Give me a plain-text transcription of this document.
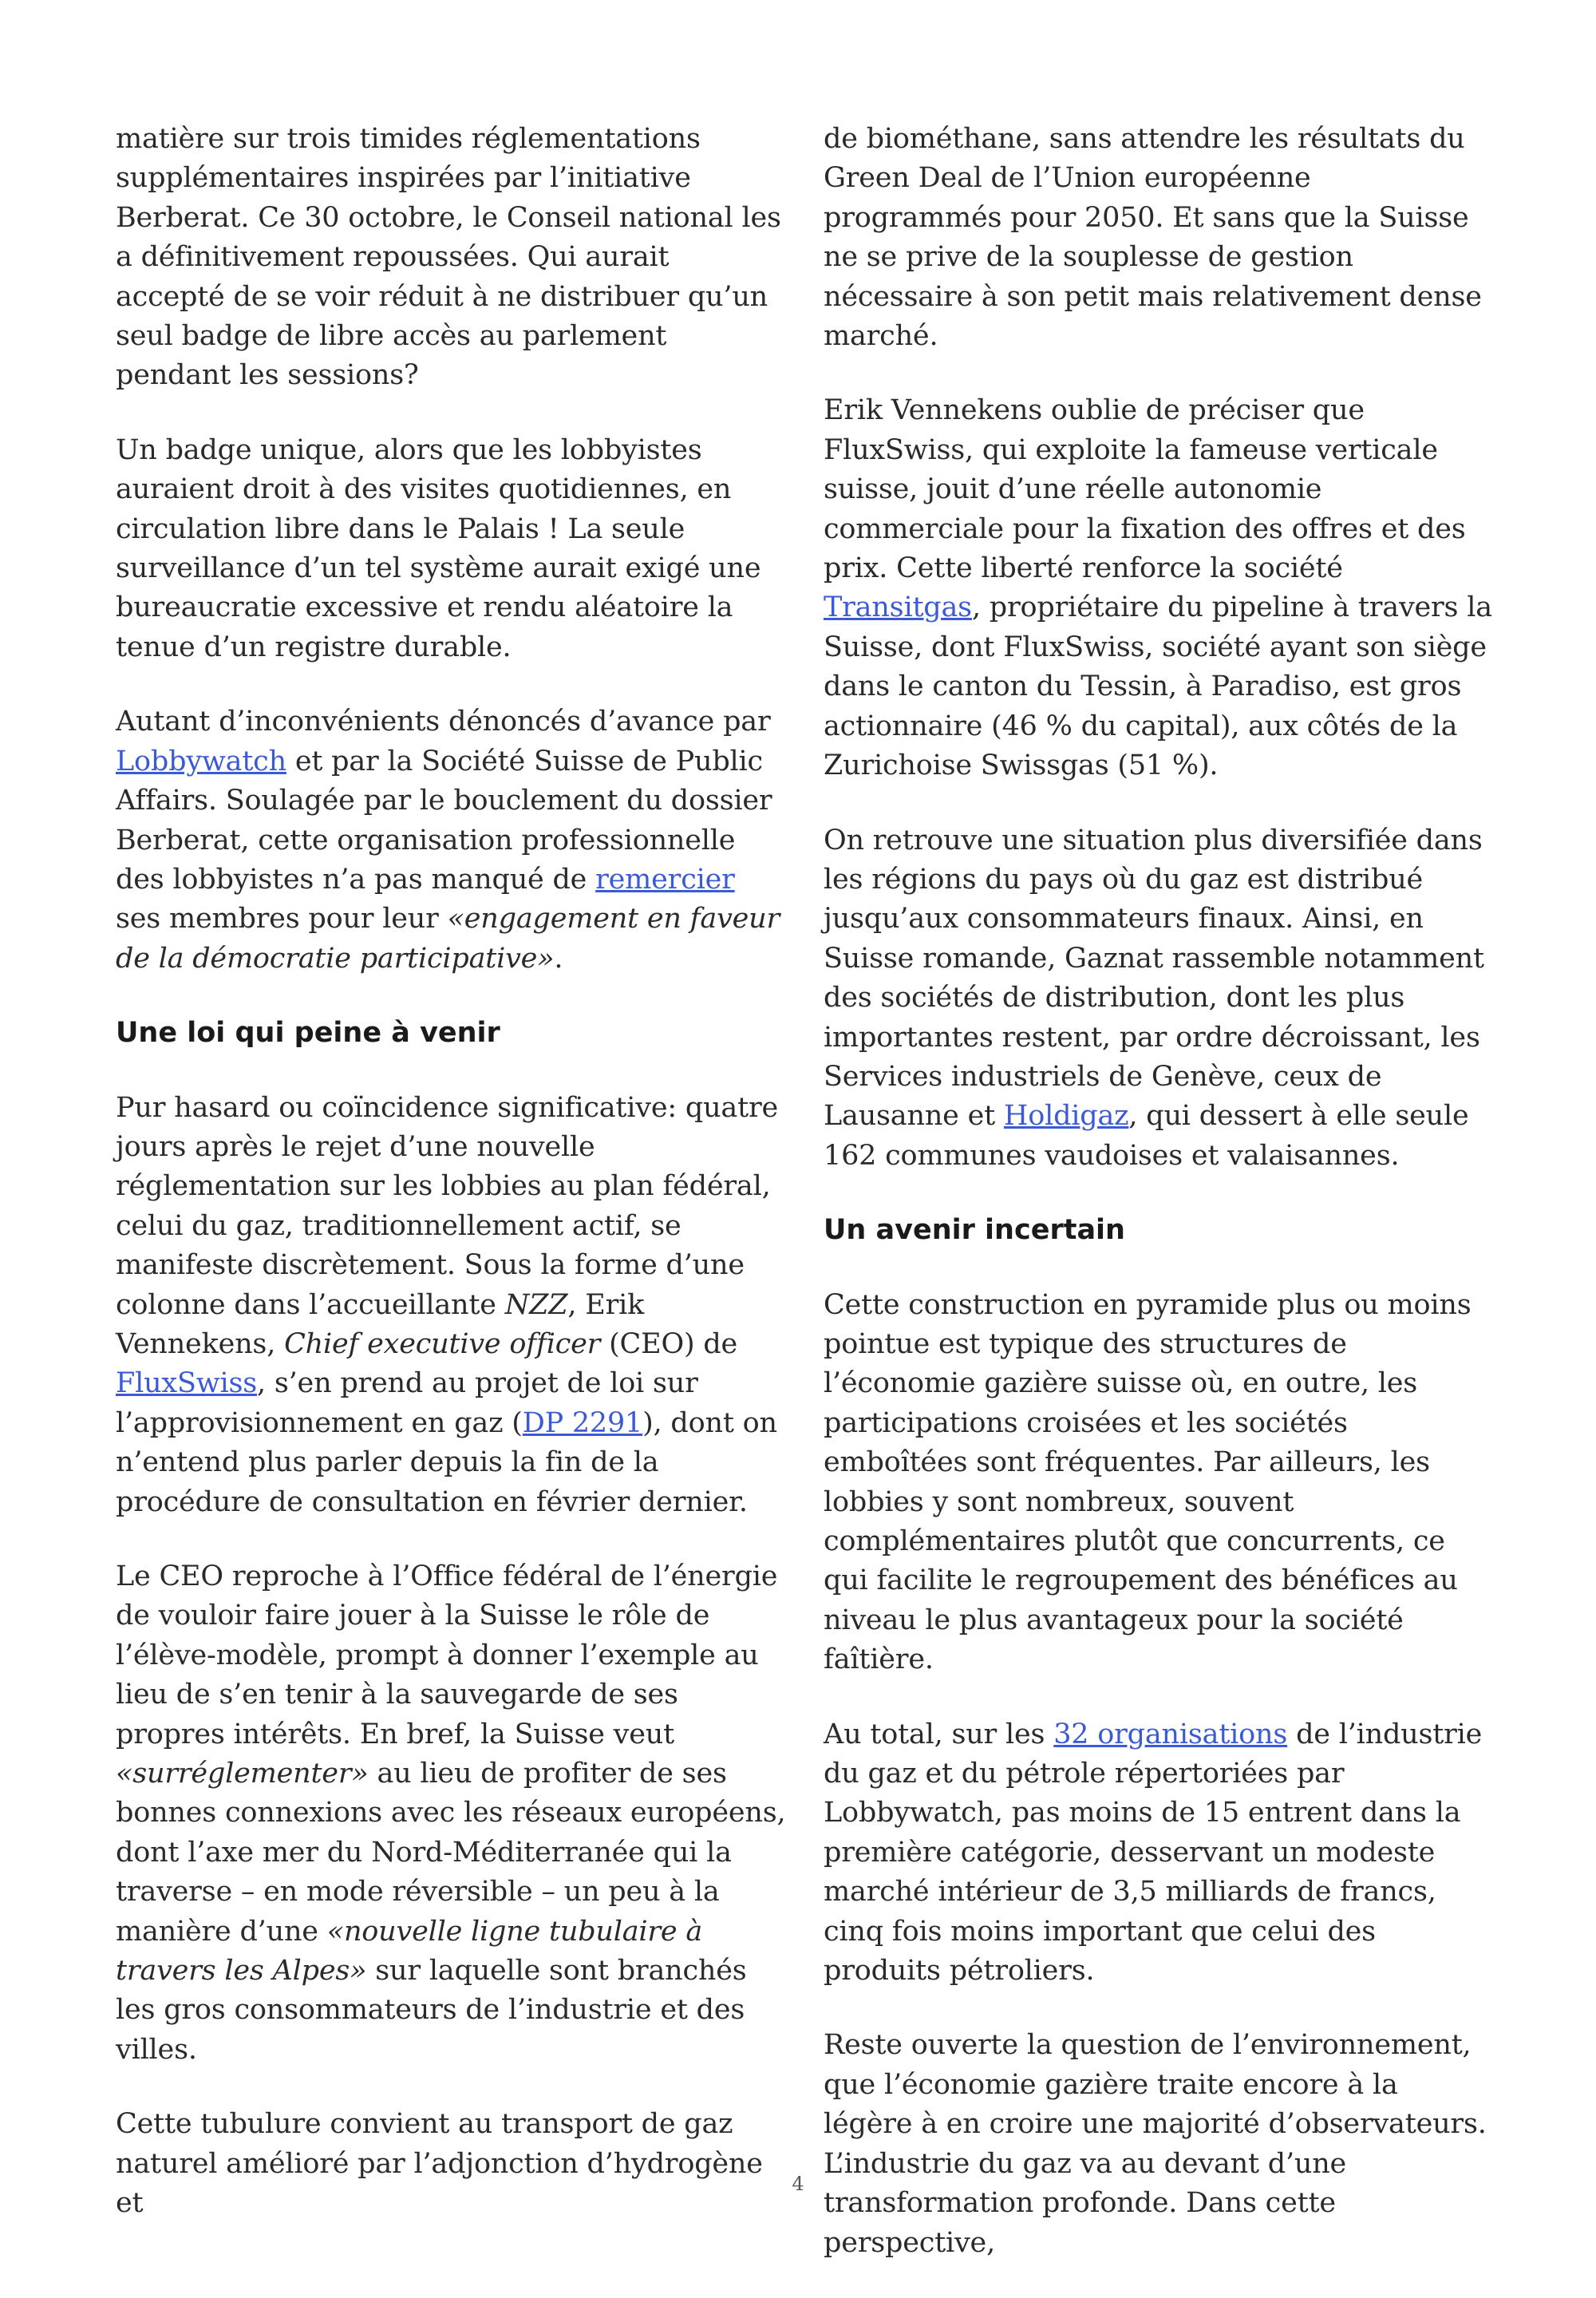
matière sur trois timides réglementations supplémentaires inspirées par l’initiative Berberat. Ce 30 octobre, le Conseil national les a définitivement repoussées. Qui aurait accepté de se voir réduit à ne distribuer qu’un seul badge de libre accès au parlement pendant les sessions?

Un badge unique, alors que les lobbyistes auraient droit à des visites quotidiennes, en circulation libre dans le Palais ! La seule surveillance d’un tel système aurait exigé une bureaucratie excessive et rendu aléatoire la tenue d’un registre durable.

Autant d’inconvénients dénoncés d’avance par Lobbywatch et par la Société Suisse de Public Affairs. Soulagée par le bouclement du dossier Berberat, cette organisation professionnelle des lobbyistes n’a pas manqué de remercier ses membres pour leur «engagement en faveur de la démocratie participative».

Une loi qui peine à venir

Pur hasard ou coïncidence significative: quatre jours après le rejet d’une nouvelle réglementation sur les lobbies au plan fédéral, celui du gaz, traditionnellement actif, se manifeste discrètement. Sous la forme d’une colonne dans l’accueillante NZZ, Erik Vennekens, Chief executive officer (CEO) de FluxSwiss, s’en prend au projet de loi sur l’approvisionnement en gaz (DP 2291), dont on n’entend plus parler depuis la fin de la procédure de consultation en février dernier.

Le CEO reproche à l’Office fédéral de l’énergie de vouloir faire jouer à la Suisse le rôle de l’élève-modèle, prompt à donner l’exemple au lieu de s’en tenir à la sauvegarde de ses propres intérêts. En bref, la Suisse veut «surréglementer» au lieu de profiter de ses bonnes connexions avec les réseaux européens, dont l’axe mer du Nord-Méditerranée qui la traverse – en mode réversible – un peu à la manière d’une «nouvelle ligne tubulaire à travers les Alpes» sur laquelle sont branchés les gros consommateurs de l’industrie et des villes.

Cette tubulure convient au transport de gaz naturel amélioré par l’adjonction d’hydrogène et

de biométhane, sans attendre les résultats du Green Deal de l’Union européenne programmés pour 2050. Et sans que la Suisse ne se prive de la souplesse de gestion nécessaire à son petit mais relativement dense marché.

Erik Vennekens oublie de préciser que FluxSwiss, qui exploite la fameuse verticale suisse, jouit d’une réelle autonomie commerciale pour la fixation des offres et des prix. Cette liberté renforce la société Transitgas, propriétaire du pipeline à travers la Suisse, dont FluxSwiss, société ayant son siège dans le canton du Tessin, à Paradiso, est gros actionnaire (46 % du capital), aux côtés de la Zurichoise Swissgas (51 %).

On retrouve une situation plus diversifiée dans les régions du pays où du gaz est distribué jusqu’aux consommateurs finaux. Ainsi, en Suisse romande, Gaznat rassemble notamment des sociétés de distribution, dont les plus importantes restent, par ordre décroissant, les Services industriels de Genève, ceux de Lausanne et Holdigaz, qui dessert à elle seule 162 communes vaudoises et valaisannes.

Un avenir incertain

Cette construction en pyramide plus ou moins pointue est typique des structures de l’économie gazière suisse où, en outre, les participations croisées et les sociétés emboîtées sont fréquentes. Par ailleurs, les lobbies y sont nombreux, souvent complémentaires plutôt que concurrents, ce qui facilite le regroupement des bénéfices au niveau le plus avantageux pour la société faîtière.

Au total, sur les 32 organisations de l’industrie du gaz et du pétrole répertoriées par Lobbywatch, pas moins de 15 entrent dans la première catégorie, desservant un modeste marché intérieur de 3,5 milliards de francs, cinq fois moins important que celui des produits pétroliers.

Reste ouverte la question de l’environnement, que l’économie gazière traite encore à la légère à en croire une majorité d’observateurs. L’industrie du gaz va au devant d’une transformation profonde. Dans cette perspective,

4
